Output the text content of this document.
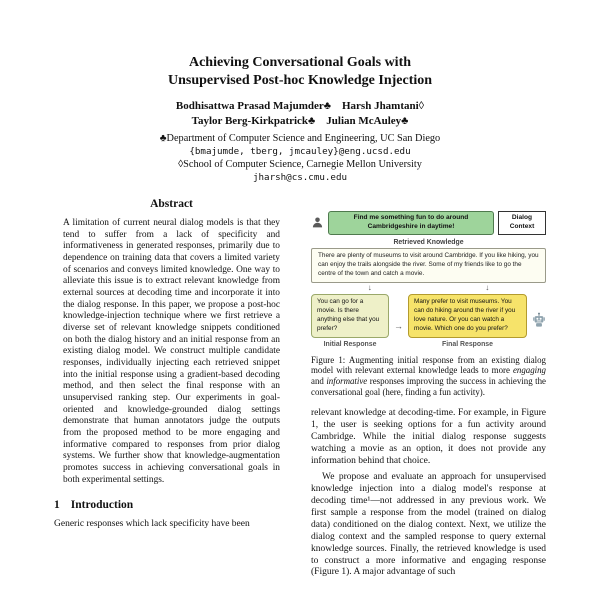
Achieving Conversational Goals with
Unsupervised Post-hoc Knowledge Injection
Bodhisattwa Prasad Majumder♣ Harsh Jhamtani◊
Taylor Berg-Kirkpatrick♣ Julian McAuley♣
♣Department of Computer Science and Engineering, UC San Diego
{bmajumde, tberg, jmcauley}@eng.ucsd.edu
◊School of Computer Science, Carnegie Mellon University
jharsh@cs.cmu.edu
Abstract

A limitation of current neural dialog models is that they tend to suffer from a lack of specificity and informativeness in generated responses, primarily due to dependence on training data that covers a limited variety of scenarios and conveys limited knowledge. One way to alleviate this issue is to extract relevant knowledge from external sources at decoding time and incorporate it into the dialog response. In this paper, we propose a post-hoc knowledge-injection technique where we first retrieve a diverse set of relevant knowledge snippets conditioned on both the dialog history and an initial response from an existing dialog model. We construct multiple candidate responses, individually injecting each retrieved snippet into the initial response using a gradient-based decoding method, and then select the final response with an unsupervised ranking step. Our experiments in goal-oriented and knowledge-grounded dialog settings demonstrate that human annotators judge the outputs from the proposed method to be more engaging and informative compared to responses from prior dialog systems. We further show that knowledge-augmentation promotes success in achieving conversational goals in both experimental settings.

1 Introduction

Generic responses which lack specificity have been

Find me something fun to do around Cambridgeshire in daytime!
Dialog Context
Retrieved Knowledge
There are plenty of museums to visit around Cambridge. If you like hiking, you can enjoy the trails alongside the river. Some of my friends like to go the centre of the town and catch a movie.
↓	↓
You can go for a movie. Is there anything else that you prefer?
Initial Response
→
Many prefer to visit museums. You can do hiking around the river if you love nature. Or you can watch a movie. Which one do you prefer?
Final Response

Figure 1: Augmenting initial response from an existing dialog model with relevant external knowledge leads to more engaging and informative responses improving the success in achieving the conversational goal (here, finding a fun activity).

relevant knowledge at decoding-time. For example, in Figure 1, the user is seeking options for a fun activity around Cambridge. While the initial dialog response suggests watching a movie as an option, it does not provide any information behind that choice.

We propose and evaluate an approach for unsupervised knowledge injection into a dialog model's response at decoding time¹—not addressed in any previous work. We first sample a response from the model (trained on dialog data) conditioned on the dialog context. Next, we utilize the dialog context and the sampled response to query external knowledge sources. Finally, the retrieved knowledge is used to construct a more informative and engaging response (Figure 1). A major advantage of such
